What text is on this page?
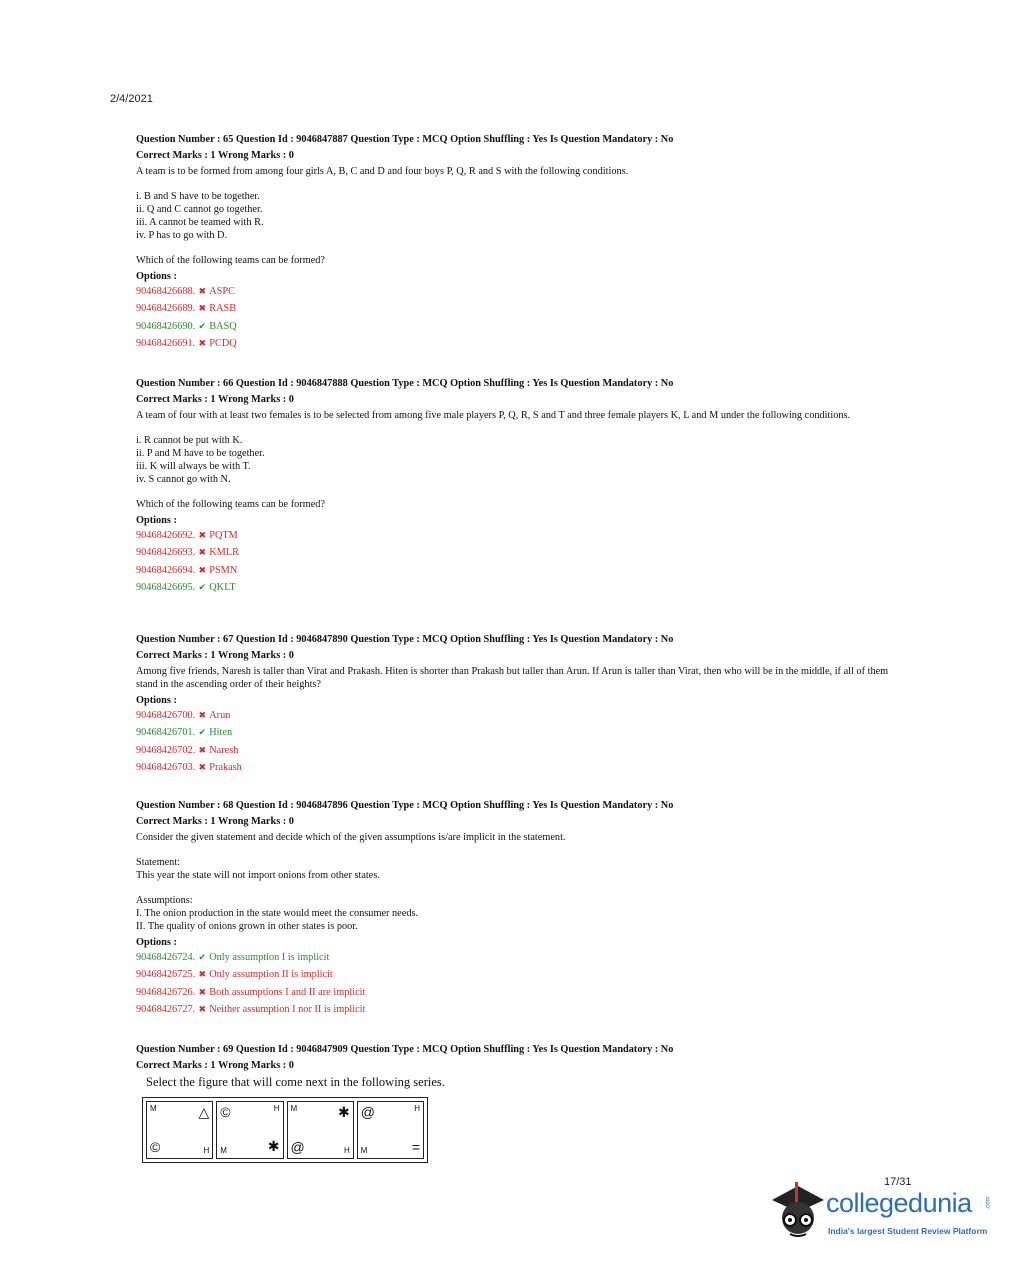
2/4/2021
Question Number : 65 Question Id : 9046847887 Question Type : MCQ Option Shuffling : Yes Is Question Mandatory : No
Correct Marks : 1 Wrong Marks : 0
A team is to be formed from among four girls A, B, C and D and four boys P, Q, R and S with the following conditions.
i. B and S have to be together.
ii. Q and C cannot go together.
iii. A cannot be teamed with R.
iv. P has to go with D.
Which of the following teams can be formed?
Options :
90468426688. ✖ ASPC
90468426689. ✖ RASB
90468426690. ✔ BASQ
90468426691. ✖ PCDQ
Question Number : 66 Question Id : 9046847888 Question Type : MCQ Option Shuffling : Yes Is Question Mandatory : No
Correct Marks : 1 Wrong Marks : 0
A team of four with at least two females is to be selected from among five male players P, Q, R, S and T and three female players K, L and M under the following conditions.
i. R cannot be put with K.
ii. P and M have to be together.
iii. K will always be with T.
iv. S cannot go with N.
Which of the following teams can be formed?
Options :
90468426692. ✖ PQTM
90468426693. ✖ KMLR
90468426694. ✖ PSMN
90468426695. ✔ QKLT
Question Number : 67 Question Id : 9046847890 Question Type : MCQ Option Shuffling : Yes Is Question Mandatory : No
Correct Marks : 1 Wrong Marks : 0
Among five friends, Naresh is taller than Virat and Prakash. Hiten is shorter than Prakash but taller than Arun. If Arun is taller than Virat, then who will be in the middle, if all of them stand in the ascending order of their heights?
Options :
90468426700. ✖ Arun
90468426701. ✔ Hiten
90468426702. ✖ Naresh
90468426703. ✖ Prakash
Question Number : 68 Question Id : 9046847896 Question Type : MCQ Option Shuffling : Yes Is Question Mandatory : No
Correct Marks : 1 Wrong Marks : 0
Consider the given statement and decide which of the given assumptions is/are implicit in the statement.
Statement:
This year the state will not import onions from other states.
Assumptions:
I. The onion production in the state would meet the consumer needs.
II. The quality of onions grown in other states is poor.
Options :
90468426724. ✔ Only assumption I is implicit
90468426725. ✖ Only assumption II is implicit
90468426726. ✖ Both assumptions I and II are implicit
90468426727. ✖ Neither assumption I nor II is implicit
Question Number : 69 Question Id : 9046847909 Question Type : MCQ Option Shuffling : Yes Is Question Mandatory : No
Correct Marks : 1 Wrong Marks : 0
Select the figure that will come next in the following series.
M	△
©	H
©	H
M	✱
M	✱
@	H
@	H
M	=
17/31
collegedunia .com
India's largest Student Review Platform
